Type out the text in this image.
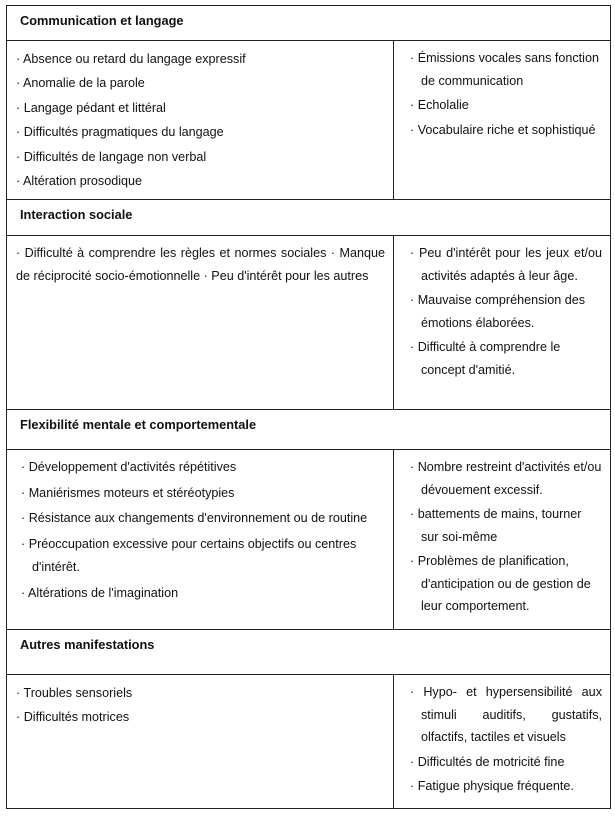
Communication et langage

· Absence ou retard du langage expressif

· Anomalie de la parole

· Langage pédant et littéral

· Difficultés pragmatiques du langage

· Difficultés de langage non verbal

· Altération prosodique

· Émissions vocales sans fonction de communication

· Echolalie

· Vocabulaire riche et sophistiqué

Interaction sociale

· Difficulté à comprendre les règles et normes sociales · Manque de réciprocité socio-émotionnelle · Peu d'intérêt pour les autres

· Peu d'intérêt pour les jeux et/ou activités adaptés à leur âge.

· Mauvaise compréhension des émotions élaborées.

· Difficulté à comprendre le concept d'amitié.

Flexibilité mentale et comportementale

· Développement d'activités répétitives

· Maniérismes moteurs et stéréotypies

· Résistance aux changements d'environnement ou de routine

· Préoccupation excessive pour certains objectifs ou centres d'intérêt.

· Altérations de l'imagination

· Nombre restreint d'activités et/ou dévouement excessif.

· battements de mains, tourner sur soi-même

· Problèmes de planification, d'anticipation ou de gestion de leur comportement.

Autres manifestations

· Troubles sensoriels

· Difficultés motrices

· Hypo- et hypersensibilité aux stimuli auditifs, gustatifs, olfactifs, tactiles et visuels

· Difficultés de motricité fine

· Fatigue physique fréquente.
